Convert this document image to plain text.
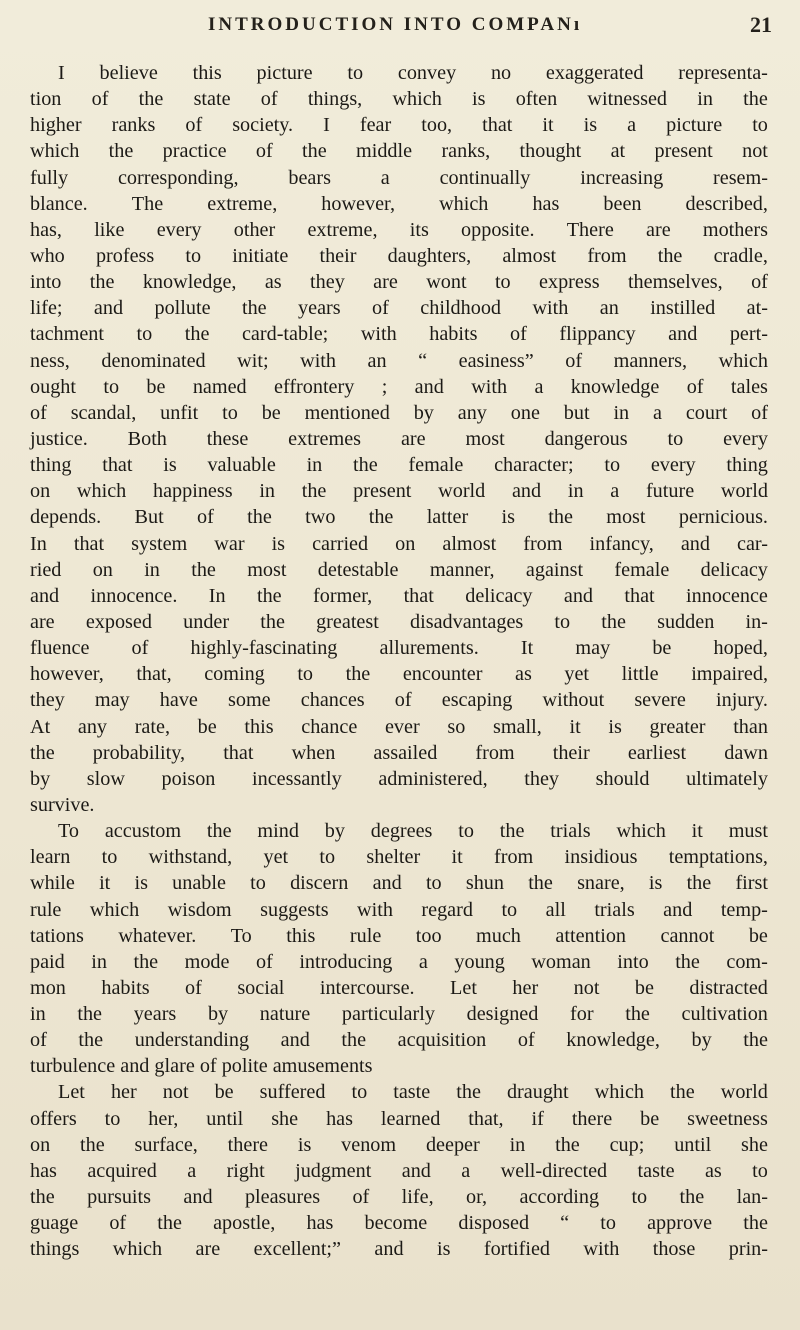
INTRODUCTION INTO COMPANı	21
I believe this picture to convey no exaggerated representa-
tion of the state of things, which is often witnessed in the
higher ranks of society. I fear too, that it is a picture to
which the practice of the middle ranks, thought at present not
fully corresponding, bears a continually increasing resem-
blance. The extreme, however, which has been described,
has, like every other extreme, its opposite. There are mothers
who profess to initiate their daughters, almost from the cradle,
into the knowledge, as they are wont to express themselves, of
life; and pollute the years of childhood with an instilled at-
tachment to the card-table; with habits of flippancy and pert-
ness, denominated wit; with an “ easiness” of manners, which
ought to be named effrontery ; and with a knowledge of tales
of scandal, unfit to be mentioned by any one but in a court of
justice. Both these extremes are most dangerous to every
thing that is valuable in the female character; to every thing
on which happiness in the present world and in a future world
depends. But of the two the latter is the most pernicious.
In that system war is carried on almost from infancy, and car-
ried on in the most detestable manner, against female delicacy
and innocence. In the former, that delicacy and that innocence
are exposed under the greatest disadvantages to the sudden in-
fluence of highly-fascinating allurements. It may be hoped,
however, that, coming to the encounter as yet little impaired,
they may have some chances of escaping without severe injury.
At any rate, be this chance ever so small, it is greater than
the probability, that when assailed from their earliest dawn
by slow poison incessantly administered, they should ultimately
survive.
To accustom the mind by degrees to the trials which it must
learn to withstand, yet to shelter it from insidious temptations,
while it is unable to discern and to shun the snare, is the first
rule which wisdom suggests with regard to all trials and temp-
tations whatever. To this rule too much attention cannot be
paid in the mode of introducing a young woman into the com-
mon habits of social intercourse. Let her not be distracted
in the years by nature particularly designed for the cultivation
of the understanding and the acquisition of knowledge, by the
turbulence and glare of polite amusements
Let her not be suffered to taste the draught which the world
offers to her, until she has learned that, if there be sweetness
on the surface, there is venom deeper in the cup; until she
has acquired a right judgment and a well-directed taste as to
the pursuits and pleasures of life, or, according to the lan-
guage of the apostle, has become disposed “ to approve the
things which are excellent;” and is fortified with those prin-
